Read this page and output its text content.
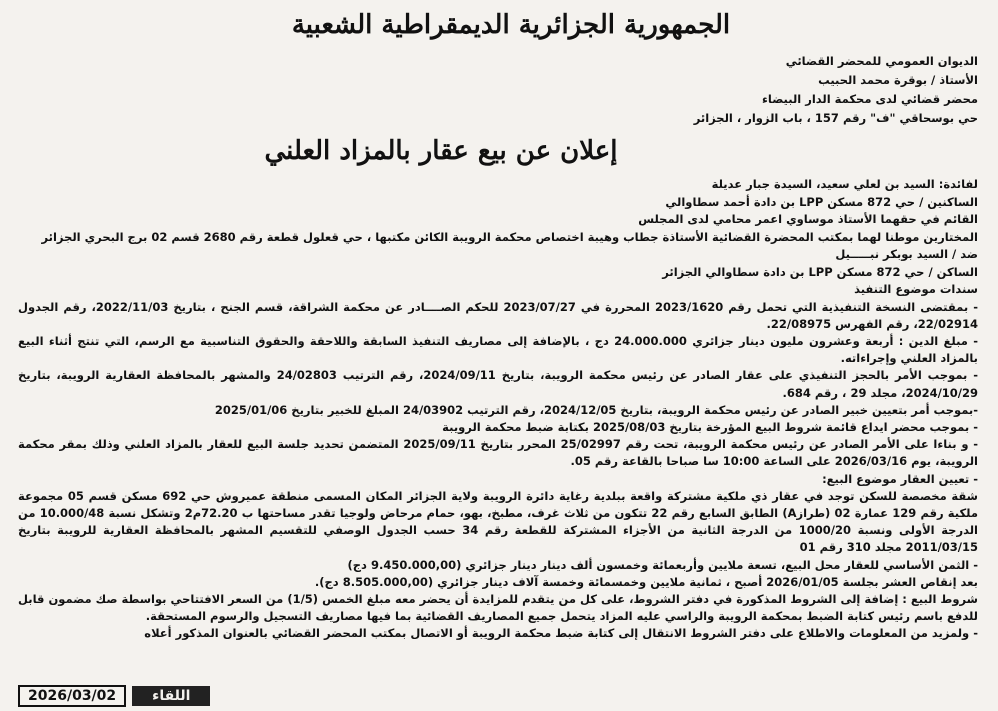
الجمهورية الجزائرية الديمقراطية الشعبية

الديوان العمومي للمحضر القضائي

الأستاذ / بوقرة محمد الحبيب

محضر قضائي لدى محكمة الدار البيضاء

حي بوسحاقي "ف" رقم 157 ، باب الزوار ، الجزائر

إعلان عن بيع عقار بالمزاد العلني

لفائدة: السيد بن لعلي سعيد، السيدة جبار عديلة

الساكنين / حي 872 مسكن LPP بن دادة أحمد سطاوالي

القائم في حقهما الأستاذ موساوي اعمر محامي لدى المجلس

المختارين موطنا لهما بمكتب المحضرة القضائية الأستاذة جطاب وهيبة اختصاص محكمة الرويبة الكائن مكتبها ، حي قعلول قطعة رقم 2680 قسم 02 برج البحري الجزائر

ضد / السيد بوبكر نبـــــيل

الساكن / حي 872 مسكن LPP بن دادة سطاوالي الجزائر

سندات موضوع التنفيذ

- بمقتضى النسخة التنفيذية التي تحمل رقم 2023/1620 المحررة في 2023/07/27 للحكم الصــــادر عن محكمة الشراقة، قسم الجنح ، بتاريخ 2022/11/03، رقم الجدول 22/02914، رقم الفهرس 22/08975.

- مبلغ الدين : أربعة وعشرون مليون دينار جزائري 24.000.000 دج ، بالإضافة إلى مصاريف التنفيذ السابقة واللاحقة والحقوق التناسبية مع الرسم، التي تنتج أثناء البيع بالمزاد العلني وإجراءاته.

- بموجب الأمر بالحجز التنفيذي على عقار الصادر عن رئيس محكمة الرويبة، بتاريخ 2024/09/11، رقم الترتيب 24/02803 والمشهر بالمحافظة العقارية الرويبة، بتاريخ 2024/10/29، مجلد 29 ، رقم 684.

-بموجب أمر بتعيين خبير الصادر عن رئيس محكمة الرويبة، بتاريخ 2024/12/05، رقم الترتيب 24/03902 المبلغ للخبير بتاريخ 2025/01/06

- بموجب محضر ايداع قائمة شروط البيع المؤرخة بتاريخ 2025/08/03 بكتابة ضبط محكمة الرويبة

- و بناءا على الأمر الصادر عن رئيس محكمة الرويبة، تحت رقم 25/02997 المحرر بتاريخ 2025/09/11 المتضمن تحديد جلسة البيع للعقار بالمزاد العلني وذلك بمقر محكمة الرويبة، يوم 2026/03/16 على الساعة 10:00 سا صباحا بالقاعة رقم 05.

- تعيين العقار موضوع البيع:

شقة مخصصة للسكن توجد في عقار ذي ملكية مشتركة واقعة ببلدية رغاية دائرة الرويبة ولاية الجزائر المكان المسمى منطقة عميروش حي 692 مسكن قسم 05 مجموعة ملكية رقم 129 عمارة 02 (طرازA) الطابق السابع رقم 22 تتكون من ثلاث غرف، مطبخ، بهو، حمام مرحاض ولوجيا تقدر مساحتها ب 72.20م2 وتشكل نسبة 10.000/48 من الدرجة الأولى ونسبة 1000/20 من الدرجة الثانية من الأجزاء المشتركة للقطعة رقم 34 حسب الجدول الوصفي للتقسيم المشهر بالمحافظة العقارية للرويبة بتاريخ 2011/03/15 مجلد 310 رقم 01

- الثمن الأساسي للعقار محل البيع، تسعة ملايين وأربعمائة وخمسون ألف دينار دينار جزائري (9.450.000,00 دج)

بعد إنقاص العشر بجلسة 2026/01/05 أصبح ، ثمانية ملايين وخمسمائة وخمسة آلاف دينار جزائري (8.505.000,00 دج).

شروط البيع : إضافة إلى الشروط المذكورة في دفتر الشروط، على كل من يتقدم للمزايدة أن يحضر معه مبلغ الخمس (1/5) من السعر الافتتاحي بواسطة صك مضمون قابل للدفع باسم رئيس كتابة الضبط بمحكمة الرويبة والراسي عليه المزاد يتحمل جميع المصاريف القضائية بما فيها مصاريف التسجيل والرسوم المستحقة.

- ولمزيد من المعلومات والاطلاع على دفتر الشروط الانتقال إلى كتابة ضبط محكمة الرويبة أو الاتصال بمكتب المحضر القضائي بالعنوان المذكور أعلاه

2026/03/02	اللقاء
